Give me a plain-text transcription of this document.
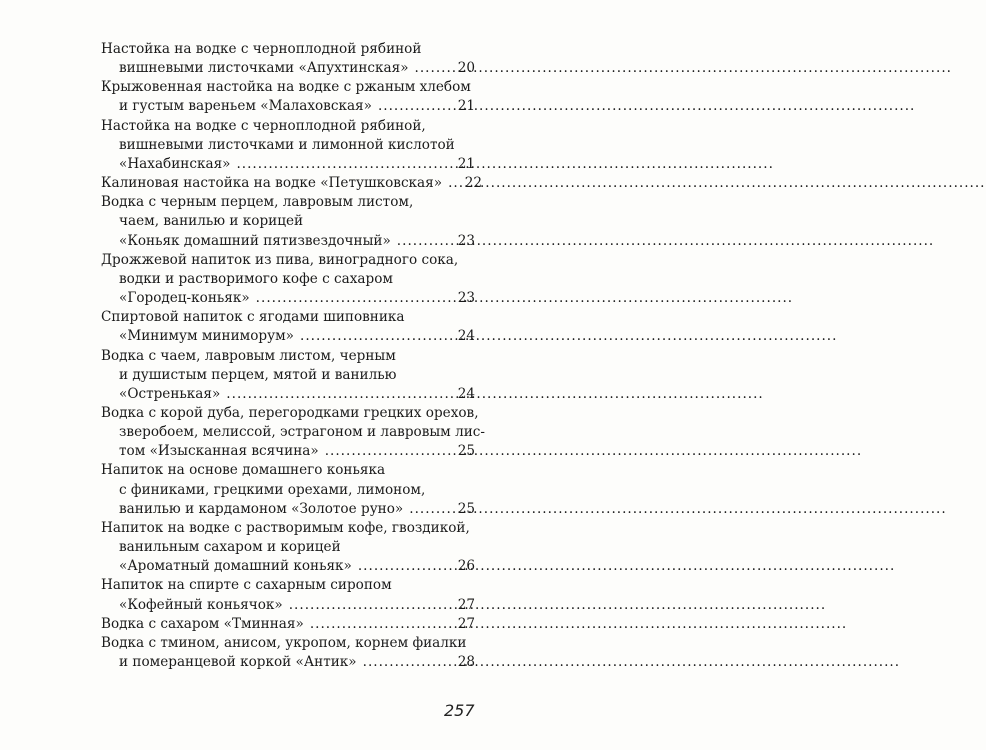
Настойка на водке с черноплодной рябиной
вишневыми листочками «Апухтинская» .....	20
Крыжовенная настойка на водке с ржаным хлебом
и густым вареньем «Малаховская» .....	21
Настойка на водке с черноплодной рябиной,
вишневыми листочками и лимонной кислотой
«Нахабинская» .....	21
Калиновая настойка на водке «Петушковская» ..... 22
Водка с черным перцем, лавровым листом,
чаем, ванилью и корицей
«Коньяк домашний пятизвездочный» .....	23
Дрожжевой напиток из пива, виноградного сока,
водки и растворимого кофе с сахаром
«Городец-коньяк» .....	23
Спиртовой напиток с ягодами шиповника
«Минимум миниморум» .....	24
Водка с чаем, лавровым листом, черным
и душистым перцем, мятой и ванилью
«Остренькая» .....	24
Водка с корой дуба, перегородками грецких орехов,
зверобоем, мелиссой, эстрагоном и лавровым лис-
том «Изысканная всячина» .....	25
Напиток на основе домашнего коньяка
с финиками, грецкими орехами, лимоном,
ванилью и кардамоном «Золотое руно» .....	25
Напиток на водке с растворимым кофе, гвоздикой,
ванильным сахаром и корицей
«Ароматный домашний коньяк» .....	26
Напиток на спирте с сахарным сиропом
«Кофейный коньячок» .....	27
Водка с сахаром «Тминная» .....	27
Водка с тмином, анисом, укропом, корнем фиалки
и померанцевой коркой «Антик» .....	28
257
